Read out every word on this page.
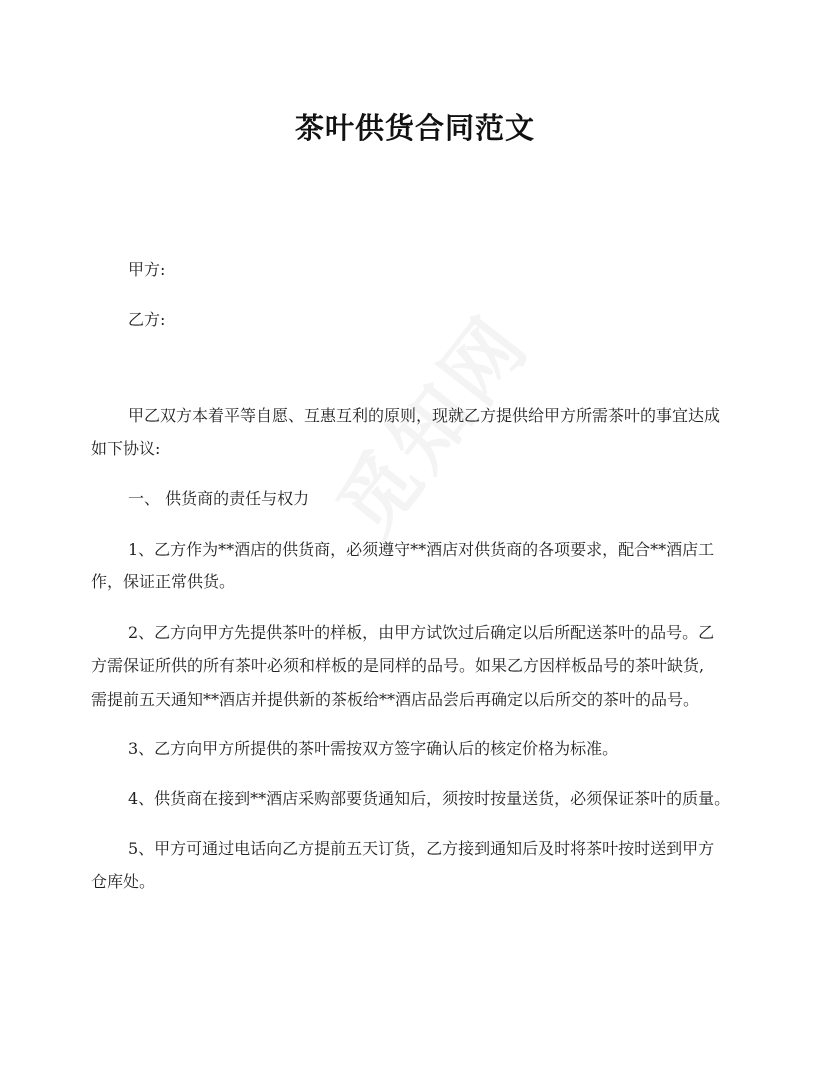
茶叶供货合同范文
甲方:
乙方:
甲乙双方本着平等自愿、互惠互利的原则，现就乙方提供给甲方所需茶叶的事宜达成
如下协议:
一、 供货商的责任与权力
1、乙方作为**酒店的供货商，必须遵守**酒店对供货商的各项要求，配合**酒店工
作，保证正常供货。
2、乙方向甲方先提供茶叶的样板，由甲方试饮过后确定以后所配送茶叶的品号。乙
方需保证所供的所有茶叶必须和样板的是同样的品号。如果乙方因样板品号的茶叶缺货,
需提前五天通知**酒店并提供新的茶板给**酒店品尝后再确定以后所交的茶叶的品号。
3、乙方向甲方所提供的茶叶需按双方签字确认后的核定价格为标准。
4、供货商在接到**酒店采购部要货通知后，须按时按量送货，必须保证茶叶的质量。
5、甲方可通过电话向乙方提前五天订货，乙方接到通知后及时将茶叶按时送到甲方
仓库处。
